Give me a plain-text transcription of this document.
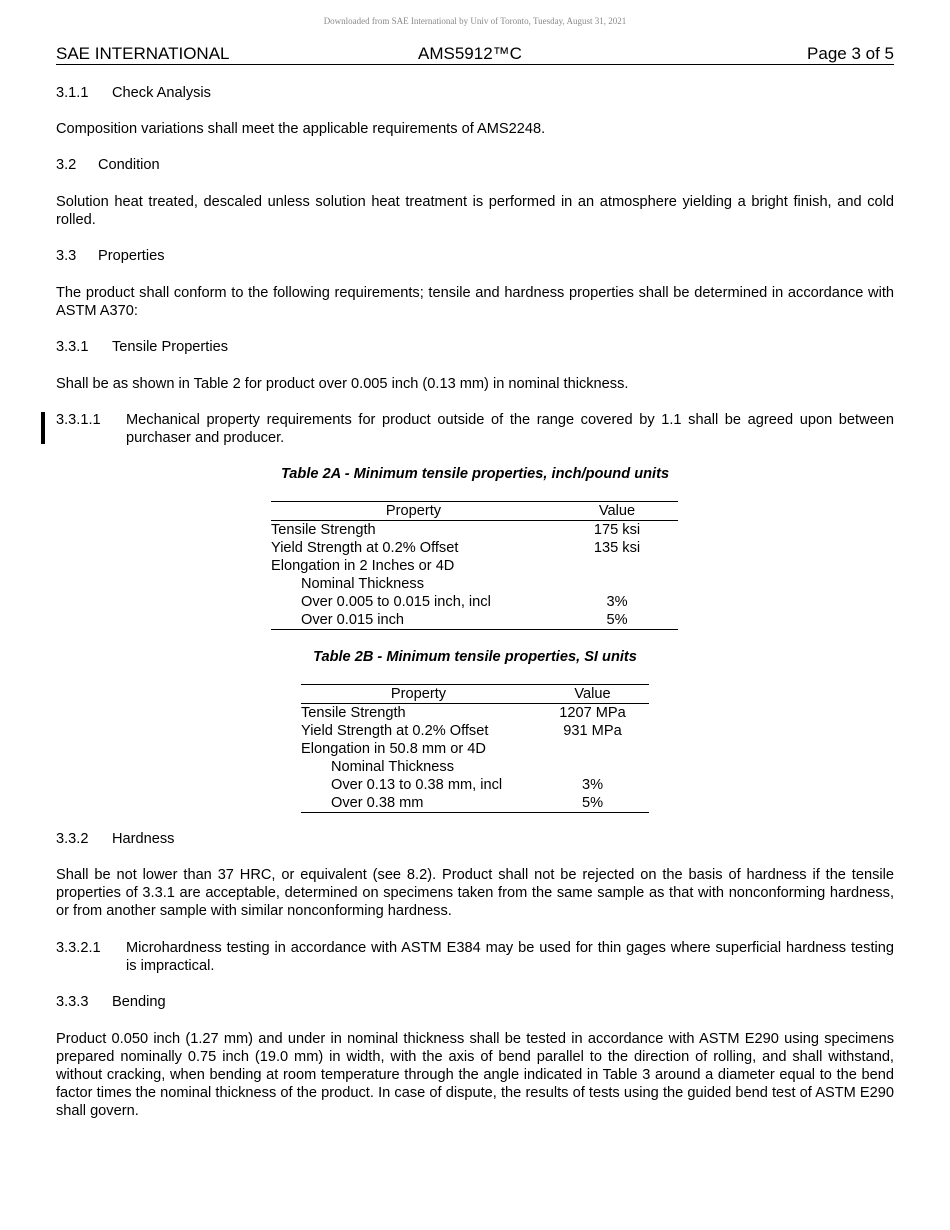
Downloaded from SAE International by Univ of Toronto, Tuesday, August 31, 2021
SAE INTERNATIONAL	AMS5912™C	Page 3 of 5
3.1.1 Check Analysis
Composition variations shall meet the applicable requirements of AMS2248.
3.2 Condition
Solution heat treated, descaled unless solution heat treatment is performed in an atmosphere yielding a bright finish, and cold rolled.
3.3 Properties
The product shall conform to the following requirements; tensile and hardness properties shall be determined in accordance with ASTM A370:
3.3.1 Tensile Properties
Shall be as shown in Table 2 for product over 0.005 inch (0.13 mm) in nominal thickness.
3.3.1.1 Mechanical property requirements for product outside of the range covered by 1.1 shall be agreed upon between purchaser and producer.
Table 2A - Minimum tensile properties, inch/pound units
Property	Value
Tensile Strength	175 ksi
Yield Strength at 0.2% Offset	135 ksi
Elongation in 2 Inches or 4D	
Nominal Thickness	
Over 0.005 to 0.015 inch, incl	3%
Over 0.015 inch	5%
Table 2B - Minimum tensile properties, SI units
Property	Value
Tensile Strength	1207 MPa
Yield Strength at 0.2% Offset	931 MPa
Elongation in 50.8 mm or 4D	
Nominal Thickness	
Over 0.13 to 0.38 mm, incl	3%
Over 0.38 mm	5%
3.3.2 Hardness
Shall be not lower than 37 HRC, or equivalent (see 8.2). Product shall not be rejected on the basis of hardness if the tensile properties of 3.3.1 are acceptable, determined on specimens taken from the same sample as that with nonconforming hardness, or from another sample with similar nonconforming hardness.
3.3.2.1 Microhardness testing in accordance with ASTM E384 may be used for thin gages where superficial hardness testing is impractical.
3.3.3 Bending
Product 0.050 inch (1.27 mm) and under in nominal thickness shall be tested in accordance with ASTM E290 using specimens prepared nominally 0.75 inch (19.0 mm) in width, with the axis of bend parallel to the direction of rolling, and shall withstand, without cracking, when bending at room temperature through the angle indicated in Table 3 around a diameter equal to the bend factor times the nominal thickness of the product. In case of dispute, the results of tests using the guided bend test of ASTM E290 shall govern.
